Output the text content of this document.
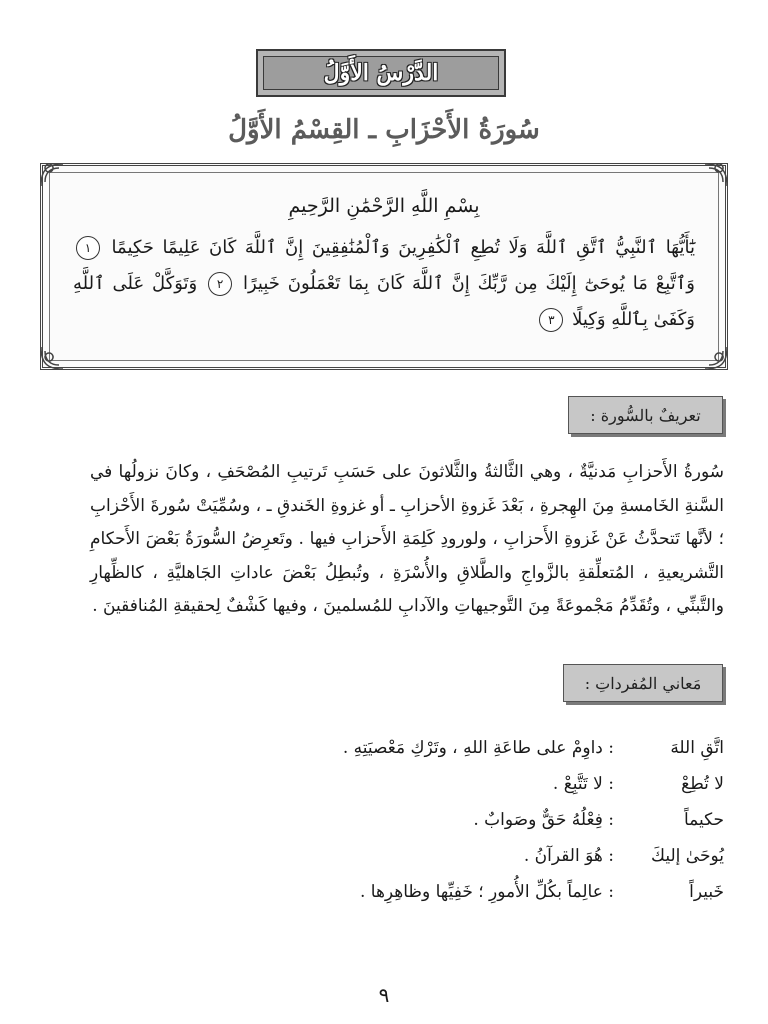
الدَّرْسُ الأَوَّلُ
سُورَةُ الأَحْزَابِ ـ القِسْمُ الأَوَّلُ
بِسْمِ اللَّهِ الرَّحْمَٰنِ الرَّحِيمِ
يَٰٓأَيُّهَا ٱلنَّبِيُّ ٱتَّقِ ٱللَّهَ وَلَا تُطِعِ ٱلْكَٰفِرِينَ وَٱلْمُنَٰفِقِينَ إِنَّ ٱللَّهَ كَانَ عَلِيمًا حَكِيمًا ١ وَٱتَّبِعْ مَا يُوحَىٰٓ إِلَيْكَ مِن رَّبِّكَ إِنَّ ٱللَّهَ كَانَ بِمَا تَعْمَلُونَ خَبِيرًا ٢ وَتَوَكَّلْ عَلَى ٱللَّهِ وَكَفَىٰ بِٱللَّهِ وَكِيلًا ٣
تعريفٌ بالسُّورة :
سُورةُ الأَحزابِ مَدنيَّةٌ ، وهي الثَّالثةُ والثَّلاثونَ على حَسَبِ تَرتيبِ المُصْحَفِ ، وكانَ نزولُها في السَّنةِ الخَامسةِ مِنَ الهِجرةِ ، بَعْدَ غَزوةِ الأحزابِ ـ أو غزوةِ الخَندقِ ـ ، وسُمِّيَتْ سُورةَ الأَحْزابِ ؛ لأنَّها تَتحدَّثُ عَنْ غَزوةِ الأَحزابِ ، ولورودِ كَلِمَةِ الأَحزابِ فيها . وتَعرِضُ السُّورَةُ بَعْضَ الأَحكامِ التَّشريعيةِ ، المُتعلِّقةِ بالزَّواجِ والطَّلاقِ والأُسْرَةِ ، وتُبطِلُ بَعْضَ عاداتِ الجَاهليَّةِ ، كالظِّهارِ والتَّبنِّي ، وتُقَدِّمُ مَجْموعَةً مِنَ التَّوجيهاتِ والآدابِ للمُسلمينَ ، وفيها كَشْفٌ لِحقيقةِ المُنافقينَ .
مَعاني المُفرداتِ :
اتَّقِ اللهَ
: داوِمْ على طاعَةِ اللهِ ، وتَرْكِ مَعْصيَتِهِ .
لا تُطِعْ
: لا تَتَّبِعْ .
حكيماً
: فِعْلُهُ حَقٌّ وصَوابٌ .
يُوحَىٰ إليكَ
: هُوَ القرآنُ .
خَبيراً
: عالِماً بكُلِّ الأُمورِ ؛ خَفِيِّها وظاهِرِها .
٩
